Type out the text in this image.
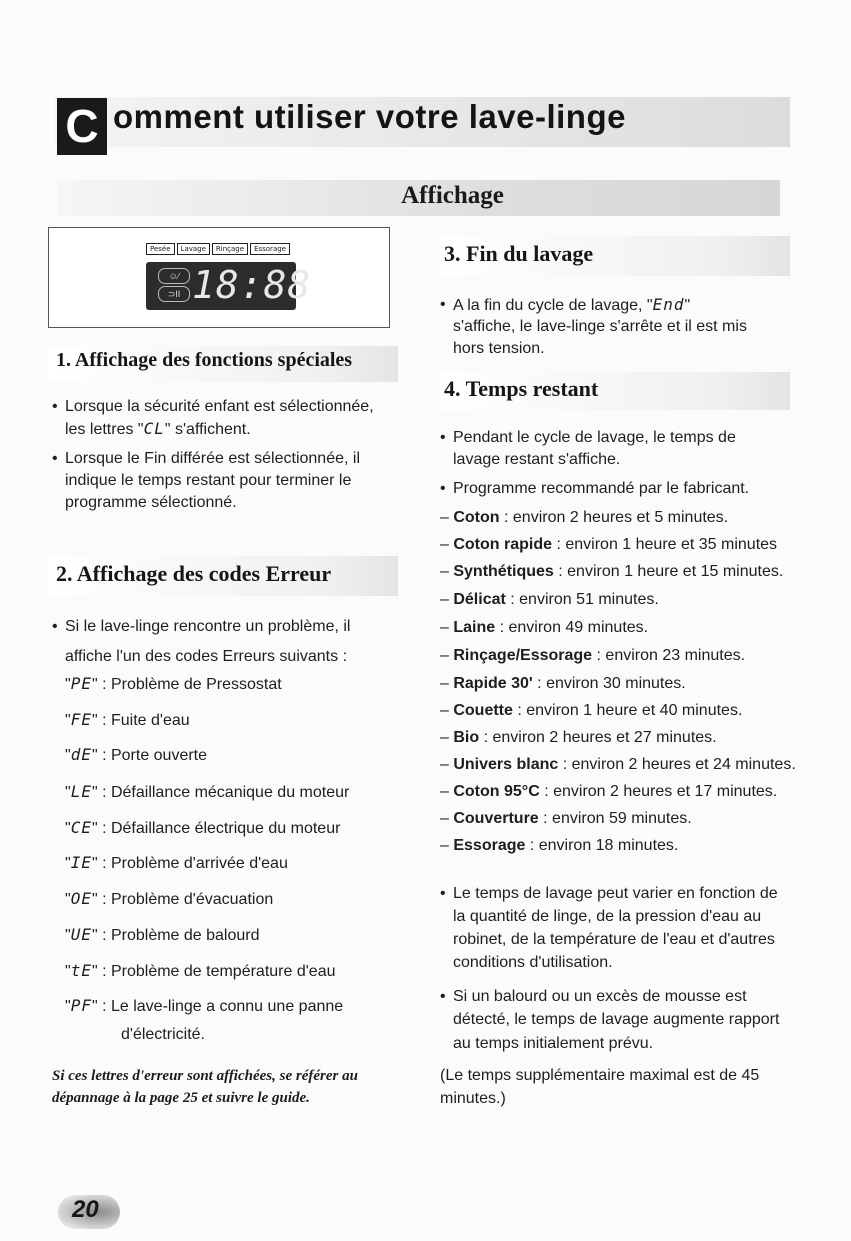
C omment utiliser votre lave-linge
Affichage
Pesée	Lavage	Rinçage	Essorage
☺∕
⊃II 18:88
1. Affichage des fonctions spéciales
• Lorsque la sécurité enfant est sélectionnée,
les lettres "CL" s'affichent.
• Lorsque le Fin différée est sélectionnée, il
indique le temps restant pour terminer le
programme sélectionné.
2. Affichage des codes Erreur
• Si le lave-linge rencontre un problème, il
affiche l'un des codes Erreurs suivants :
"PE" : Problème de Pressostat
"FE" : Fuite d'eau
"dE" : Porte ouverte
"LE" : Défaillance mécanique du moteur
"CE" : Défaillance électrique du moteur
"IE" : Problème d'arrivée d'eau
"OE" : Problème d'évacuation
"UE" : Problème de balourd
"tE" : Problème de température d'eau
"PF" : Le lave-linge a connu une panne
d'électricité.
Si ces lettres d'erreur sont affichées, se référer au
dépannage à la page 25 et suivre le guide.
3. Fin du lavage
• A la fin du cycle de lavage, "End"
s'affiche, le lave-linge s'arrête et il est mis
hors tension.
4. Temps restant
• Pendant le cycle de lavage, le temps de
lavage restant s'affiche.
• Programme recommandé par le fabricant.
– Coton : environ 2 heures et 5 minutes.
– Coton rapide : environ 1 heure et 35 minutes
– Synthétiques : environ 1 heure et 15 minutes.
– Délicat : environ 51 minutes.
– Laine : environ 49 minutes.
– Rinçage/Essorage : environ 23 minutes.
– Rapide 30' : environ 30 minutes.
– Couette : environ 1 heure et 40 minutes.
– Bio : environ 2 heures et 27 minutes.
– Univers blanc : environ 2 heures et 24 minutes.
– Coton 95°C : environ 2 heures et 17 minutes.
– Couverture : environ 59 minutes.
– Essorage : environ 18 minutes.
• Le temps de lavage peut varier en fonction de
la quantité de linge, de la pression d'eau au
robinet, de la température de l'eau et d'autres
conditions d'utilisation.
• Si un balourd ou un excès de mousse est
détecté, le temps de lavage augmente rapport
au temps initialement prévu.
(Le temps supplémentaire maximal est de 45
minutes.)
20
